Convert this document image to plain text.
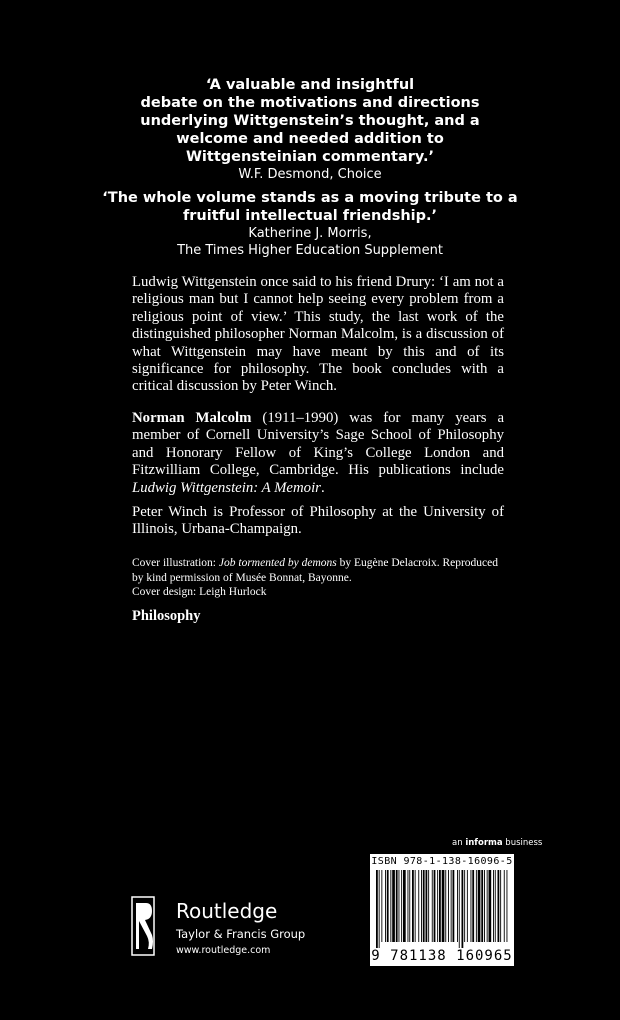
‘A valuable and insightful
debate on the motivations and directions
underlying Wittgenstein’s thought, and a
welcome and needed addition to
Wittgensteinian commentary.’
W.F. Desmond, Choice
‘The whole volume stands as a moving tribute to a
fruitful intellectual friendship.’
Katherine J. Morris,
The Times Higher Education Supplement
Ludwig Wittgenstein once said to his friend Drury: ‘I am not a religious man but I cannot help seeing every problem from a religious point of view.’ This study, the last work of the distinguished philosopher Norman Malcolm, is a discussion of what Wittgenstein may have meant by this and of its significance for philosophy. The book concludes with a critical discussion by Peter Winch.
Norman Malcolm (1911–1990) was for many years a member of Cornell University’s Sage School of Philosophy and Honorary Fellow of King’s College London and Fitzwilliam College, Cambridge. His publications include Ludwig Wittgenstein: A Memoir.
Peter Winch is Professor of Philosophy at the University of Illinois, Urbana-Champaign.
Cover illustration: Job tormented by demons by Eugène Delacroix. Reproduced by kind permission of Musée Bonnat, Bayonne.
Cover design: Leigh Hurlock
Philosophy
an informa business
ISBN 978-1-138-16096-5
9 781138 160965
Routledge
Taylor & Francis Group
www.routledge.com
